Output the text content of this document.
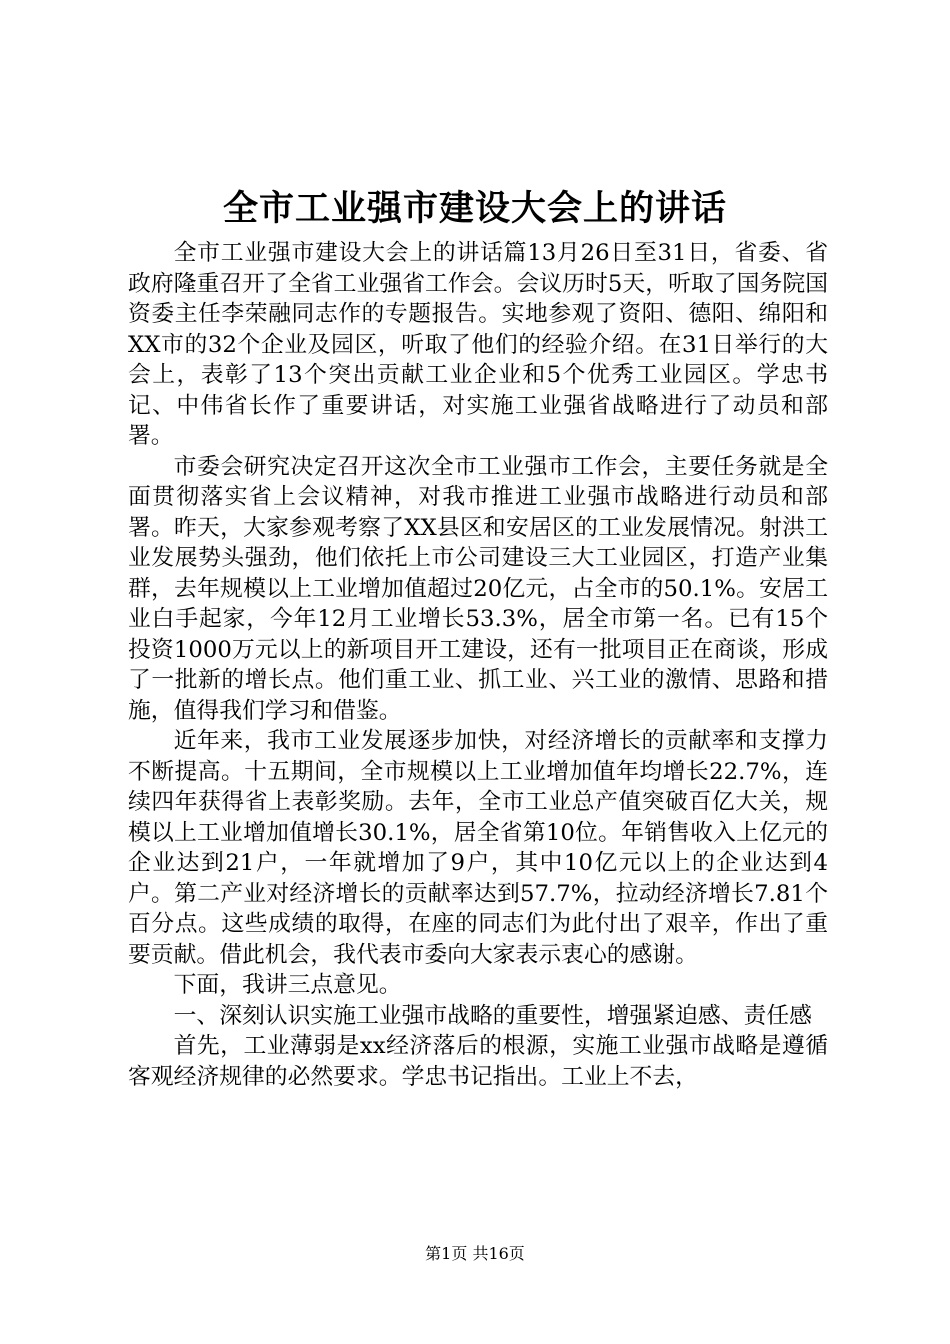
全市工业强市建设大会上的讲话

全市工业强市建设大会上的讲话篇13月26日至31日，省委、省政府隆重召开了全省工业强省工作会。会议历时5天，听取了国务院国资委主任李荣融同志作的专题报告。实地参观了资阳、德阳、绵阳和XX市的32个企业及园区，听取了他们的经验介绍。在31日举行的大会上，表彰了13个突出贡献工业企业和5个优秀工业园区。学忠书记、中伟省长作了重要讲话，对实施工业强省战略进行了动员和部署。

市委会研究决定召开这次全市工业强市工作会，主要任务就是全面贯彻落实省上会议精神，对我市推进工业强市战略进行动员和部署。昨天，大家参观考察了XX县区和安居区的工业发展情况。射洪工业发展势头强劲，他们依托上市公司建设三大工业园区，打造产业集群，去年规模以上工业增加值超过20亿元，占全市的50.1%。安居工业白手起家，今年12月工业增长53.3%，居全市第一名。已有15个投资1000万元以上的新项目开工建设，还有一批项目正在商谈，形成了一批新的增长点。他们重工业、抓工业、兴工业的激情、思路和措施，值得我们学习和借鉴。

近年来，我市工业发展逐步加快，对经济增长的贡献率和支撑力不断提高。十五期间，全市规模以上工业增加值年均增长22.7%，连续四年获得省上表彰奖励。去年，全市工业总产值突破百亿大关，规模以上工业增加值增长30.1%，居全省第10位。年销售收入上亿元的企业达到21户，一年就增加了9户，其中10亿元以上的企业达到4户。第二产业对经济增长的贡献率达到57.7%，拉动经济增长7.81个百分点。这些成绩的取得，在座的同志们为此付出了艰辛，作出了重要贡献。借此机会，我代表市委向大家表示衷心的感谢。

下面，我讲三点意见。

一、深刻认识实施工业强市战略的重要性，增强紧迫感、责任感

首先，工业薄弱是xx经济落后的根源，实施工业强市战略是遵循客观经济规律的必然要求。学忠书记指出。工业上不去，

第1页 共16页
